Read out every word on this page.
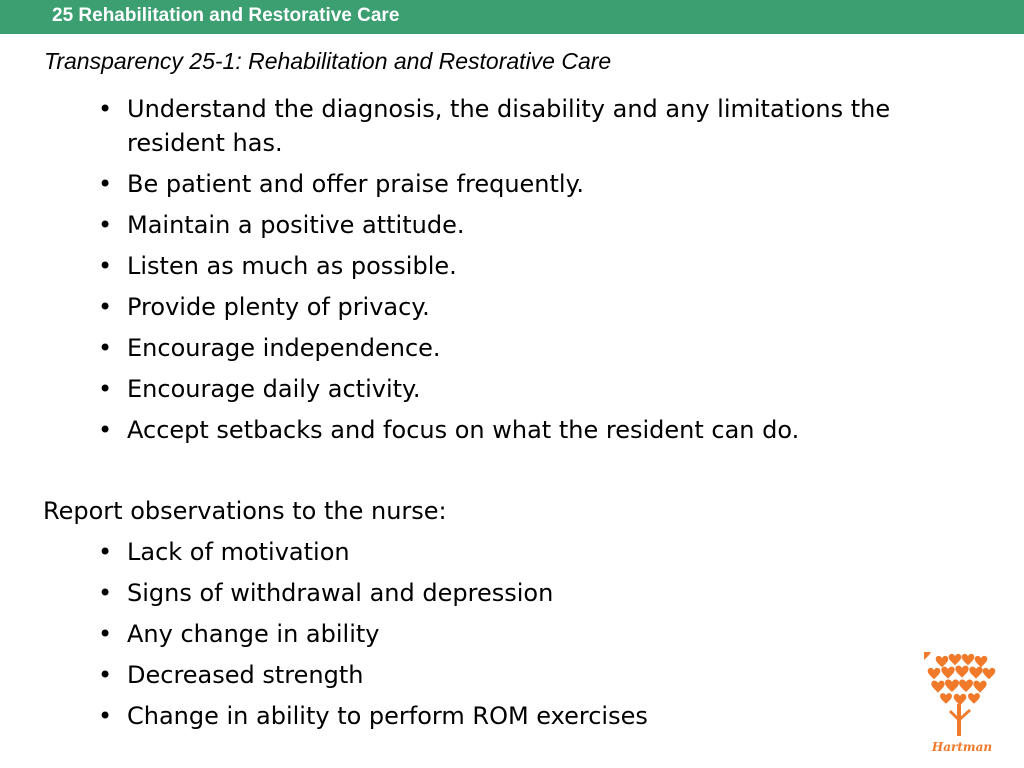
25 Rehabilitation and Restorative Care
Transparency 25-1: Rehabilitation and Restorative Care
• Understand the diagnosis, the disability and any limitations the resident has.
• Be patient and offer praise frequently.
• Maintain a positive attitude.
• Listen as much as possible.
• Provide plenty of privacy.
• Encourage independence.
• Encourage daily activity.
• Accept setbacks and focus on what the resident can do.
Report observations to the nurse:
• Lack of motivation
• Signs of withdrawal and depression
• Any change in ability
• Decreased strength
• Change in ability to perform ROM exercises
Hartman
